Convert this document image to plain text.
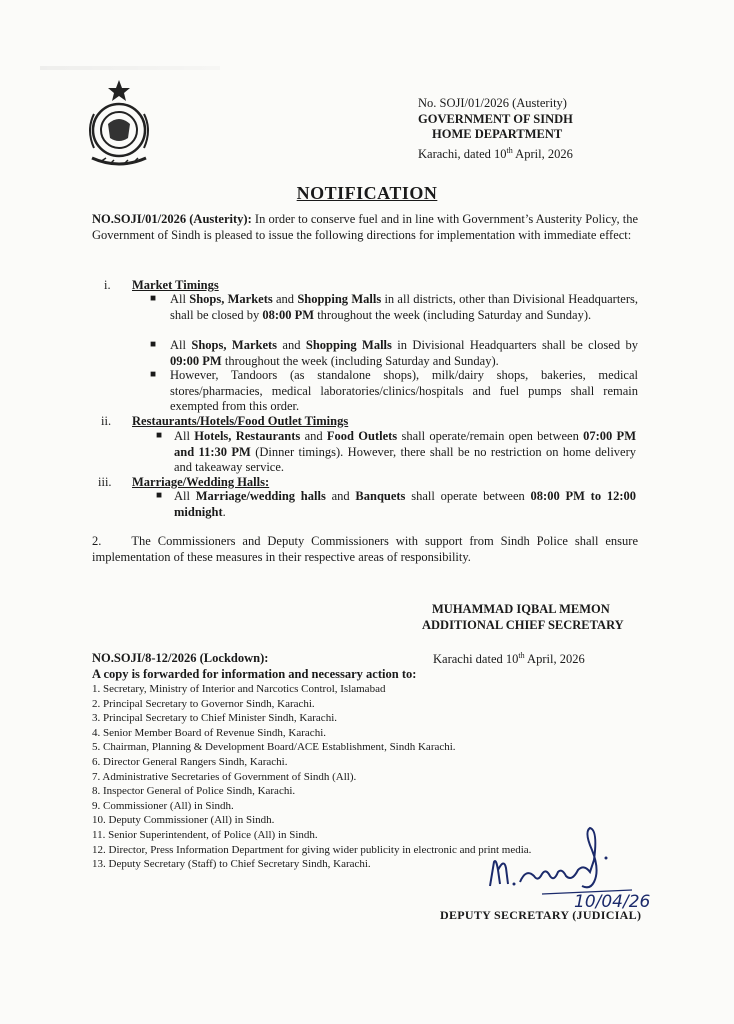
No. SOJI/01/2026 (Austerity)
GOVERNMENT OF SINDH
HOME DEPARTMENT
Karachi, dated 10th April, 2026
NOTIFICATION
NO.SOJI/01/2026 (Austerity): In order to conserve fuel and in line with Government’s Austerity Policy, the Government of Sindh is pleased to issue the following directions for implementation with immediate effect:
i. Market Timings
■ All Shops, Markets and Shopping Malls in all districts, other than Divisional Headquarters, shall be closed by 08:00 PM throughout the week (including Saturday and Sunday).
■ All Shops, Markets and Shopping Malls in Divisional Headquarters shall be closed by 09:00 PM throughout the week (including Saturday and Sunday).
■ However, Tandoors (as standalone shops), milk/dairy shops, bakeries, medical stores/pharmacies, medical laboratories/clinics/hospitals and fuel pumps shall remain exempted from this order.
ii. Restaurants/Hotels/Food Outlet Timings
■ All Hotels, Restaurants and Food Outlets shall operate/remain open between 07:00 PM and 11:30 PM (Dinner timings). However, there shall be no restriction on home delivery and takeaway service.
iii. Marriage/Wedding Halls:
■ All Marriage/wedding halls and Banquets shall operate between 08:00 PM to 12:00 midnight.
2. The Commissioners and Deputy Commissioners with support from Sindh Police shall ensure implementation of these measures in their respective areas of responsibility.
MUHAMMAD IQBAL MEMON
ADDITIONAL CHIEF SECRETARY
NO.SOJI/8-12/2026 (Lockdown):	Karachi dated 10th April, 2026
A copy is forwarded for information and necessary action to:
1. Secretary, Ministry of Interior and Narcotics Control, Islamabad
2. Principal Secretary to Governor Sindh, Karachi.
3. Principal Secretary to Chief Minister Sindh, Karachi.
4. Senior Member Board of Revenue Sindh, Karachi.
5. Chairman, Planning & Development Board/ACE Establishment, Sindh Karachi.
6. Director General Rangers Sindh, Karachi.
7. Administrative Secretaries of Government of Sindh (All).
8. Inspector General of Police Sindh, Karachi.
9. Commissioner (All) in Sindh.
10. Deputy Commissioner (All) in Sindh.
11. Senior Superintendent, of Police (All) in Sindh.
12. Director, Press Information Department for giving wider publicity in electronic and print media.
13. Deputy Secretary (Staff) to Chief Secretary Sindh, Karachi.
10/04/26
DEPUTY SECRETARY (JUDICIAL)
